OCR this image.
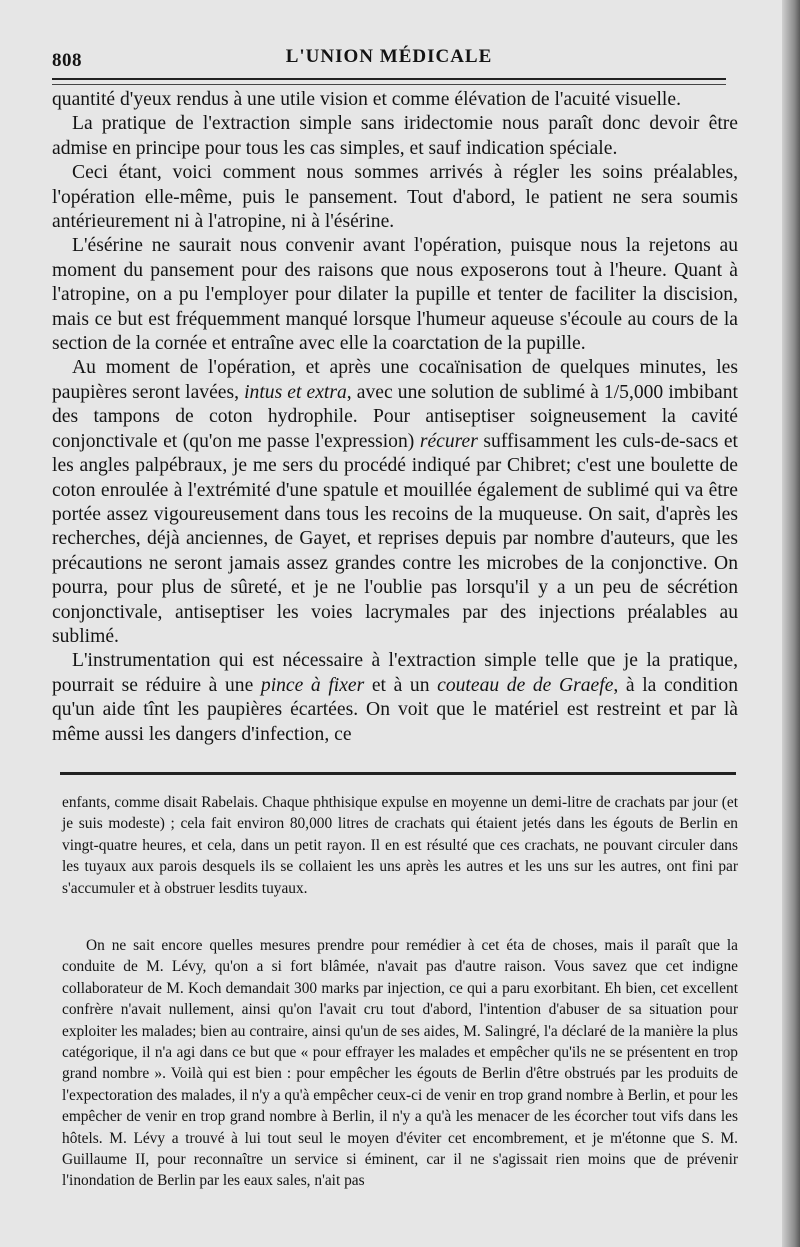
808	L'UNION MÉDICALE

quantité d'yeux rendus à une utile vision et comme élévation de l'acuité visuelle.

La pratique de l'extraction simple sans iridectomie nous paraît donc devoir être admise en principe pour tous les cas simples, et sauf indication spéciale.

Ceci étant, voici comment nous sommes arrivés à régler les soins préalables, l'opération elle-même, puis le pansement. Tout d'abord, le patient ne sera soumis antérieurement ni à l'atropine, ni à l'ésérine.

L'ésérine ne saurait nous convenir avant l'opération, puisque nous la rejetons au moment du pansement pour des raisons que nous exposerons tout à l'heure. Quant à l'atropine, on a pu l'employer pour dilater la pupille et tenter de faciliter la discision, mais ce but est fréquemment manqué lorsque l'humeur aqueuse s'écoule au cours de la section de la cornée et entraîne avec elle la coarctation de la pupille.

Au moment de l'opération, et après une cocaïnisation de quelques minutes, les paupières seront lavées, intus et extra, avec une solution de sublimé à 1/5,000 imbibant des tampons de coton hydrophile. Pour antiseptiser soigneusement la cavité conjonctivale et (qu'on me passe l'expression) récurer suffisamment les culs-de-sacs et les angles palpébraux, je me sers du procédé indiqué par Chibret; c'est une boulette de coton enroulée à l'extrémité d'une spatule et mouillée également de sublimé qui va être portée assez vigoureusement dans tous les recoins de la muqueuse. On sait, d'après les recherches, déjà anciennes, de Gayet, et reprises depuis par nombre d'auteurs, que les précautions ne seront jamais assez grandes contre les microbes de la conjonctive. On pourra, pour plus de sûreté, et je ne l'oublie pas lorsqu'il y a un peu de sécrétion conjonctivale, antiseptiser les voies lacrymales par des injections préalables au sublimé.

L'instrumentation qui est nécessaire à l'extraction simple telle que je la pratique, pourrait se réduire à une pince à fixer et à un couteau de de Graefe, à la condition qu'un aide tînt les paupières écartées. On voit que le matériel est restreint et par là même aussi les dangers d'infection, ce

enfants, comme disait Rabelais. Chaque phthisique expulse en moyenne un demi-litre de crachats par jour (et je suis modeste) ; cela fait environ 80,000 litres de crachats qui étaient jetés dans les égouts de Berlin en vingt-quatre heures, et cela, dans un petit rayon. Il en est résulté que ces crachats, ne pouvant circuler dans les tuyaux aux parois desquels ils se collaient les uns après les autres et les uns sur les autres, ont fini par s'accumuler et à obstruer lesdits tuyaux.

On ne sait encore quelles mesures prendre pour remédier à cet éta de choses, mais il paraît que la conduite de M. Lévy, qu'on a si fort blâmée, n'avait pas d'autre raison. Vous savez que cet indigne collaborateur de M. Koch demandait 300 marks par injection, ce qui a paru exorbitant. Eh bien, cet excellent confrère n'avait nullement, ainsi qu'on l'avait cru tout d'abord, l'intention d'abuser de sa situation pour exploiter les malades; bien au contraire, ainsi qu'un de ses aides, M. Salingré, l'a déclaré de la manière la plus catégorique, il n'a agi dans ce but que « pour effrayer les malades et empêcher qu'ils ne se présentent en trop grand nombre ». Voilà qui est bien : pour empêcher les égouts de Berlin d'être obstrués par les produits de l'expectoration des malades, il n'y a qu'à empêcher ceux-ci de venir en trop grand nombre à Berlin, et pour les empêcher de venir en trop grand nombre à Berlin, il n'y a qu'à les menacer de les écorcher tout vifs dans les hôtels. M. Lévy a trouvé à lui tout seul le moyen d'éviter cet encombrement, et je m'étonne que S. M. Guillaume II, pour reconnaître un service si éminent, car il ne s'agissait rien moins que de prévenir l'inondation de Berlin par les eaux sales, n'ait pas
